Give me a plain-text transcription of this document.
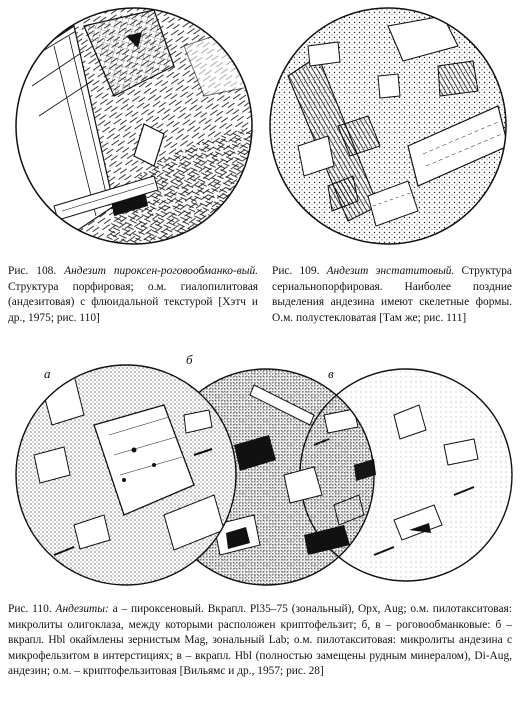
Рис. 108. Андезит пироксен-роговообманко-вый. Структура порфировая; о.м. гиалопилитовая (андезитовая) с флюидальной текстурой [Хэтч и др., 1975; рис. 110]
Рис. 109. Андезит энстатитовый. Структура сериальнопорфировая. Наиболее поздние выделения андезина имеют скелетные формы. О.м. полустекловатая [Там же; рис. 111]
а
б
в
Рис. 110. Андезиты: а – пироксеновый. Вкрапл. Pl35–75 (зональный), Opx, Aug; о.м. пилотакситовая: микролиты олигоклаза, между которыми расположен криптофельзит; б, в – роговообманковые: б – вкрапл. Hbl окаймлены зернистым Mag, зональный Lab; о.м. пилотакситовая: микролиты андезина с микрофельзитом в интерстициях; в – вкрапл. Hbl (полностью замещены рудным минералом), Di-Aug, андезин; о.м. – криптофельзитовая [Вильямс и др., 1957; рис. 28]
